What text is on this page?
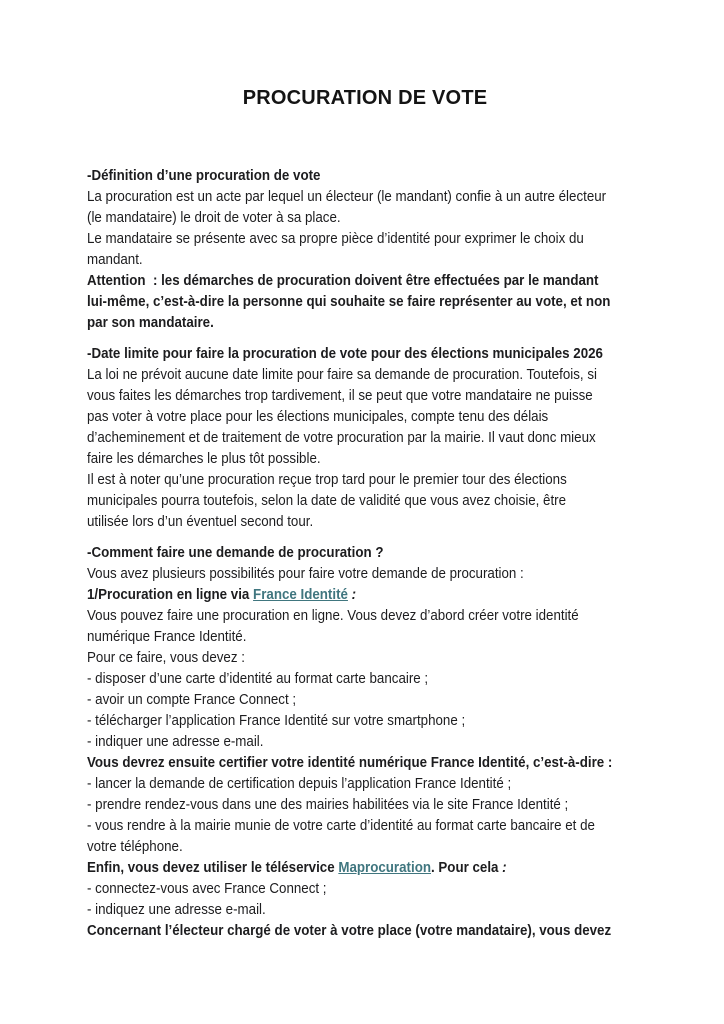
PROCURATION DE VOTE
-Définition d’une procuration de vote
La procuration est un acte par lequel un électeur (le mandant) confie à un autre électeur
(le mandataire) le droit de voter à sa place.
Le mandataire se présente avec sa propre pièce d’identité pour exprimer le choix du
mandant.
Attention  : les démarches de procuration doivent être effectuées par le mandant
lui-même, c’est-à-dire la personne qui souhaite se faire représenter au vote, et non
par son mandataire.
-Date limite pour faire la procuration de vote pour des élections municipales 2026
La loi ne prévoit aucune date limite pour faire sa demande de procuration. Toutefois, si
vous faites les démarches trop tardivement, il se peut que votre mandataire ne puisse
pas voter à votre place pour les élections municipales, compte tenu des délais
d’acheminement et de traitement de votre procuration par la mairie. Il vaut donc mieux
faire les démarches le plus tôt possible.
Il est à noter qu’une procuration reçue trop tard pour le premier tour des élections
municipales pourra toutefois, selon la date de validité que vous avez choisie, être
utilisée lors d’un éventuel second tour.
-Comment faire une demande de procuration ?
Vous avez plusieurs possibilités pour faire votre demande de procuration :
1/Procuration en ligne via France Identité :
Vous pouvez faire une procuration en ligne. Vous devez d’abord créer votre identité
numérique France Identité.
Pour ce faire, vous devez :
- disposer d’une carte d’identité au format carte bancaire ;
- avoir un compte France Connect ;
- télécharger l’application France Identité sur votre smartphone ;
- indiquer une adresse e-mail.
Vous devrez ensuite certifier votre identité numérique France Identité, c’est-à-dire :
- lancer la demande de certification depuis l’application France Identité ;
- prendre rendez-vous dans une des mairies habilitées via le site France Identité ;
- vous rendre à la mairie munie de votre carte d’identité au format carte bancaire et de
votre téléphone.
Enfin, vous devez utiliser le téléservice Maprocuration. Pour cela :
- connectez-vous avec France Connect ;
- indiquez une adresse e-mail.
Concernant l’électeur chargé de voter à votre place (votre mandataire), vous devez
